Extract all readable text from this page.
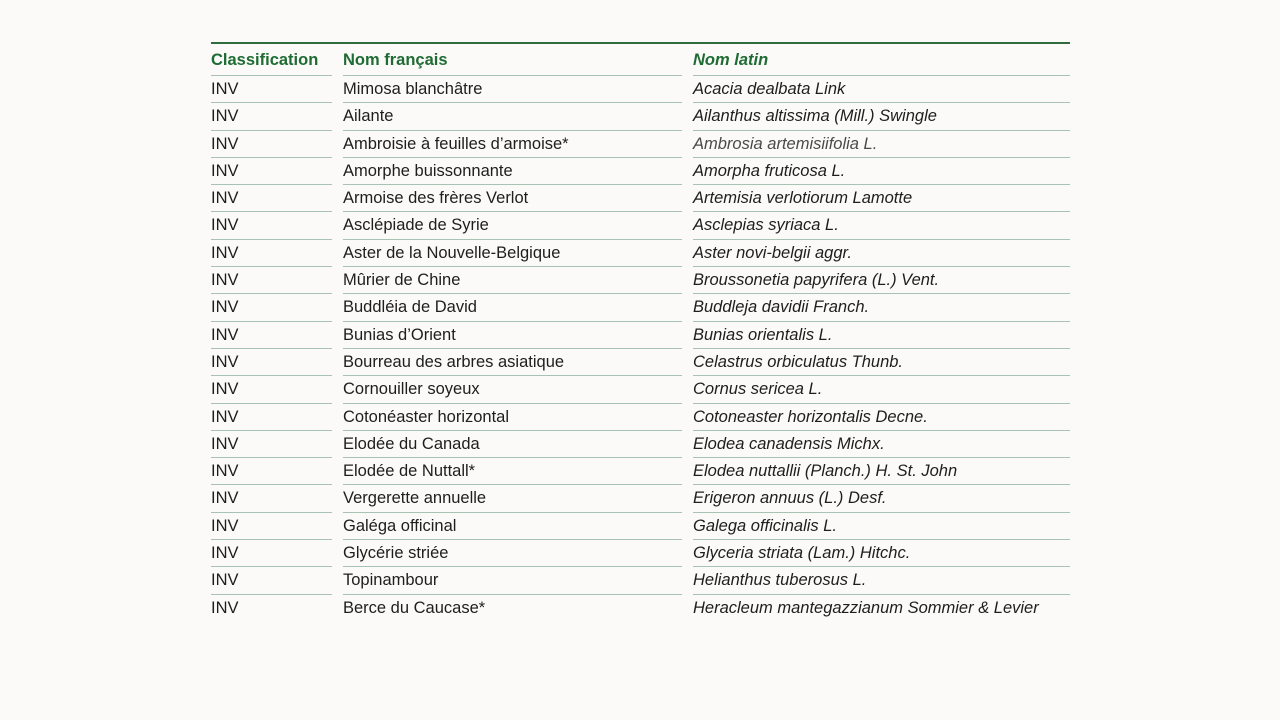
Classification	Nom français	Nom latin
INV	Mimosa blanchâtre	Acacia dealbata Link
INV	Ailante	Ailanthus altissima (Mill.) Swingle
INV	Ambroisie à feuilles d’armoise*	Ambrosia artemisiifolia L.
INV	Amorphe buissonnante	Amorpha fruticosa L.
INV	Armoise des frères Verlot	Artemisia verlotiorum Lamotte
INV	Asclépiade de Syrie	Asclepias syriaca L.
INV	Aster de la Nouvelle-Belgique	Aster novi-belgii aggr.
INV	Mûrier de Chine	Broussonetia papyrifera (L.) Vent.
INV	Buddléia de David	Buddleja davidii Franch.
INV	Bunias d’Orient	Bunias orientalis L.
INV	Bourreau des arbres asiatique	Celastrus orbiculatus Thunb.
INV	Cornouiller soyeux	Cornus sericea L.
INV	Cotonéaster horizontal	Cotoneaster horizontalis Decne.
INV	Elodée du Canada	Elodea canadensis Michx.
INV	Elodée de Nuttall*	Elodea nuttallii (Planch.) H. St. John
INV	Vergerette annuelle	Erigeron annuus (L.) Desf.
INV	Galéga officinal	Galega officinalis L.
INV	Glycérie striée	Glyceria striata (Lam.) Hitchc.
INV	Topinambour	Helianthus tuberosus L.
INV	Berce du Caucase*	Heracleum mantegazzianum Sommier & Levier
